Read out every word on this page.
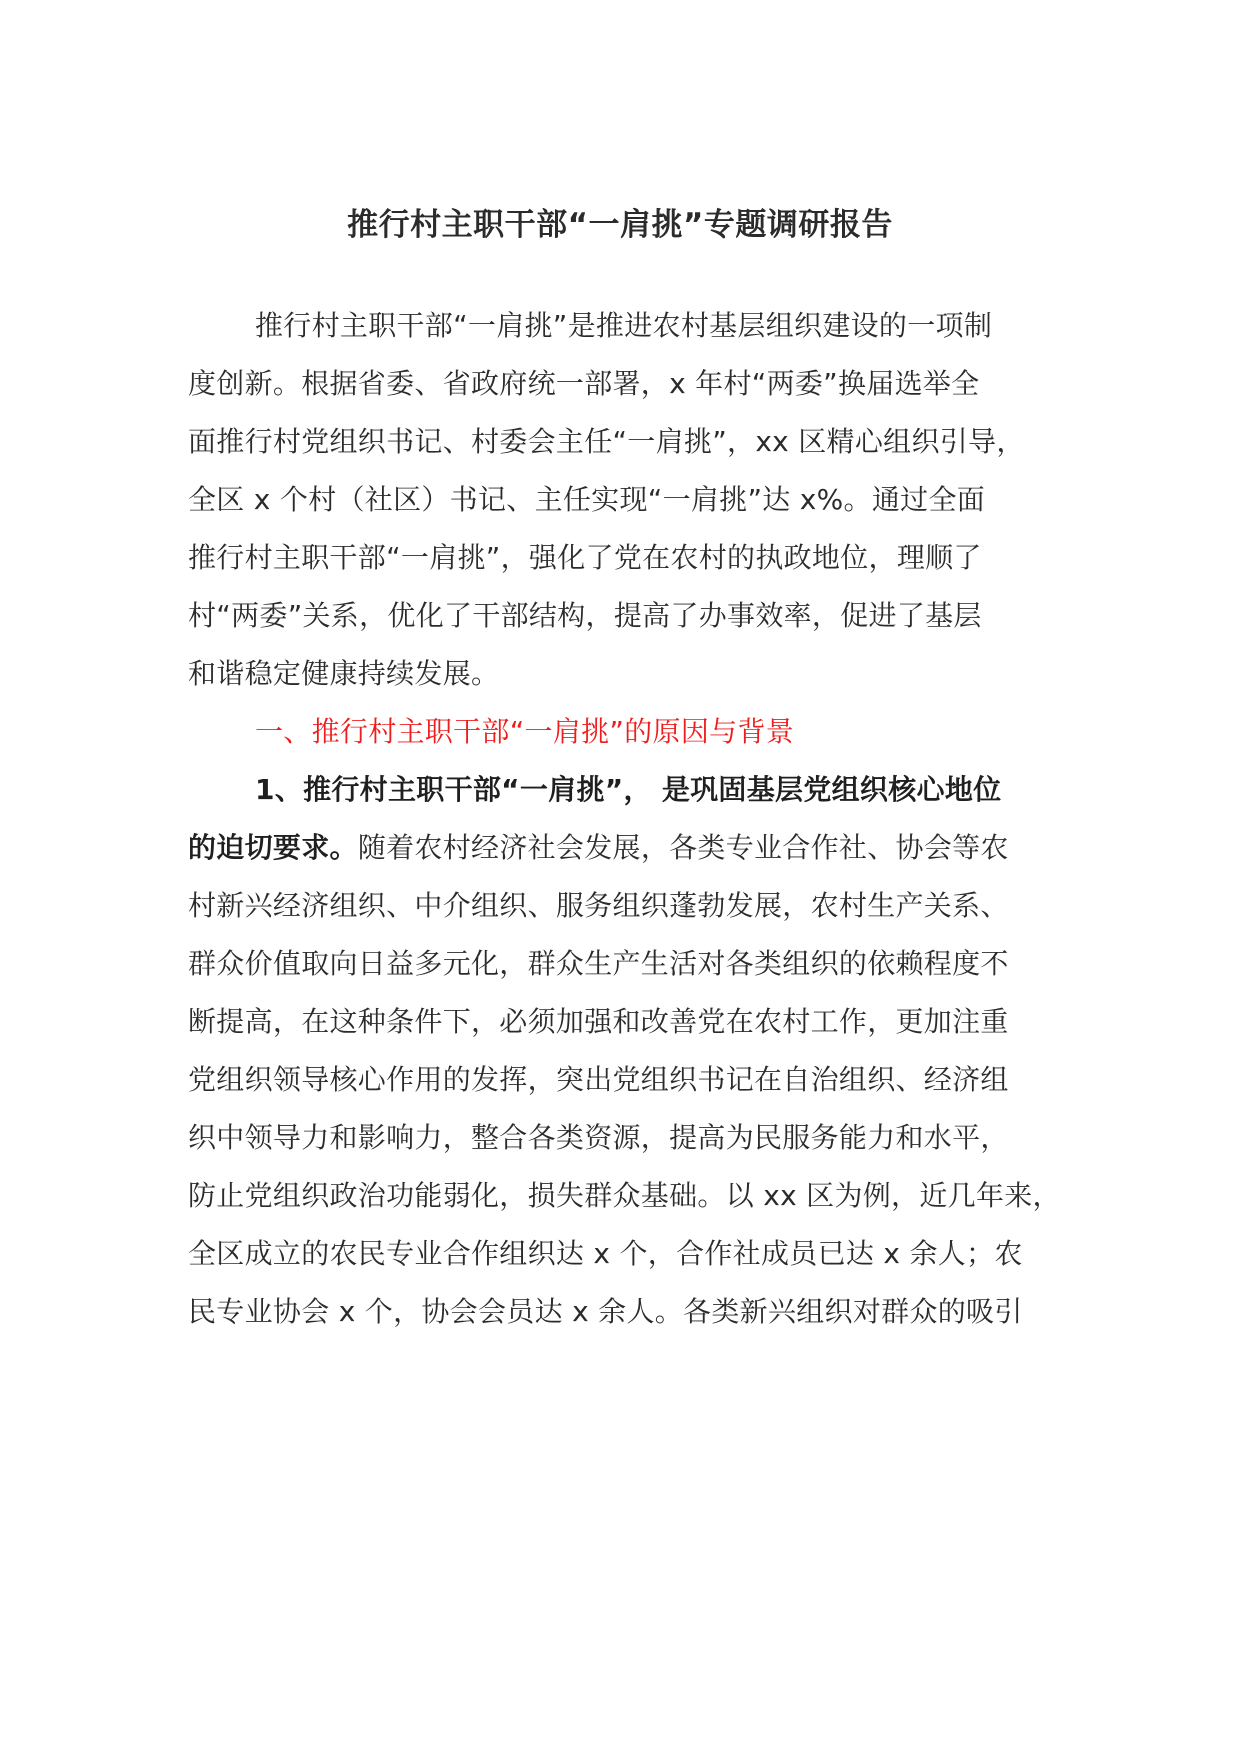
推行村主职干部“一肩挑”专题调研报告
推行村主职干部“一肩挑”是推进农村基层组织建设的一项制
度创新。根据省委、省政府统一部署，x 年村“两委”换届选举全
面推行村党组织书记、村委会主任“一肩挑”，xx 区精心组织引导，
全区 x 个村（社区）书记、主任实现“一肩挑”达 x%。通过全面
推行村主职干部“一肩挑”，强化了党在农村的执政地位，理顺了
村“两委”关系，优化了干部结构，提高了办事效率，促进了基层
和谐稳定健康持续发展。
一、推行村主职干部“一肩挑”的原因与背景
1、推行村主职干部“一肩挑”， 是巩固基层党组织核心地位
的迫切要求。随着农村经济社会发展，各类专业合作社、协会等农
村新兴经济组织、中介组织、服务组织蓬勃发展，农村生产关系、
群众价值取向日益多元化，群众生产生活对各类组织的依赖程度不
断提高，在这种条件下，必须加强和改善党在农村工作，更加注重
党组织领导核心作用的发挥，突出党组织书记在自治组织、经济组
织中领导力和影响力，整合各类资源，提高为民服务能力和水平，
防止党组织政治功能弱化，损失群众基础。以 xx 区为例，近几年来，
全区成立的农民专业合作组织达 x 个，合作社成员已达 x 余人；农
民专业协会 x 个，协会会员达 x 余人。各类新兴组织对群众的吸引
